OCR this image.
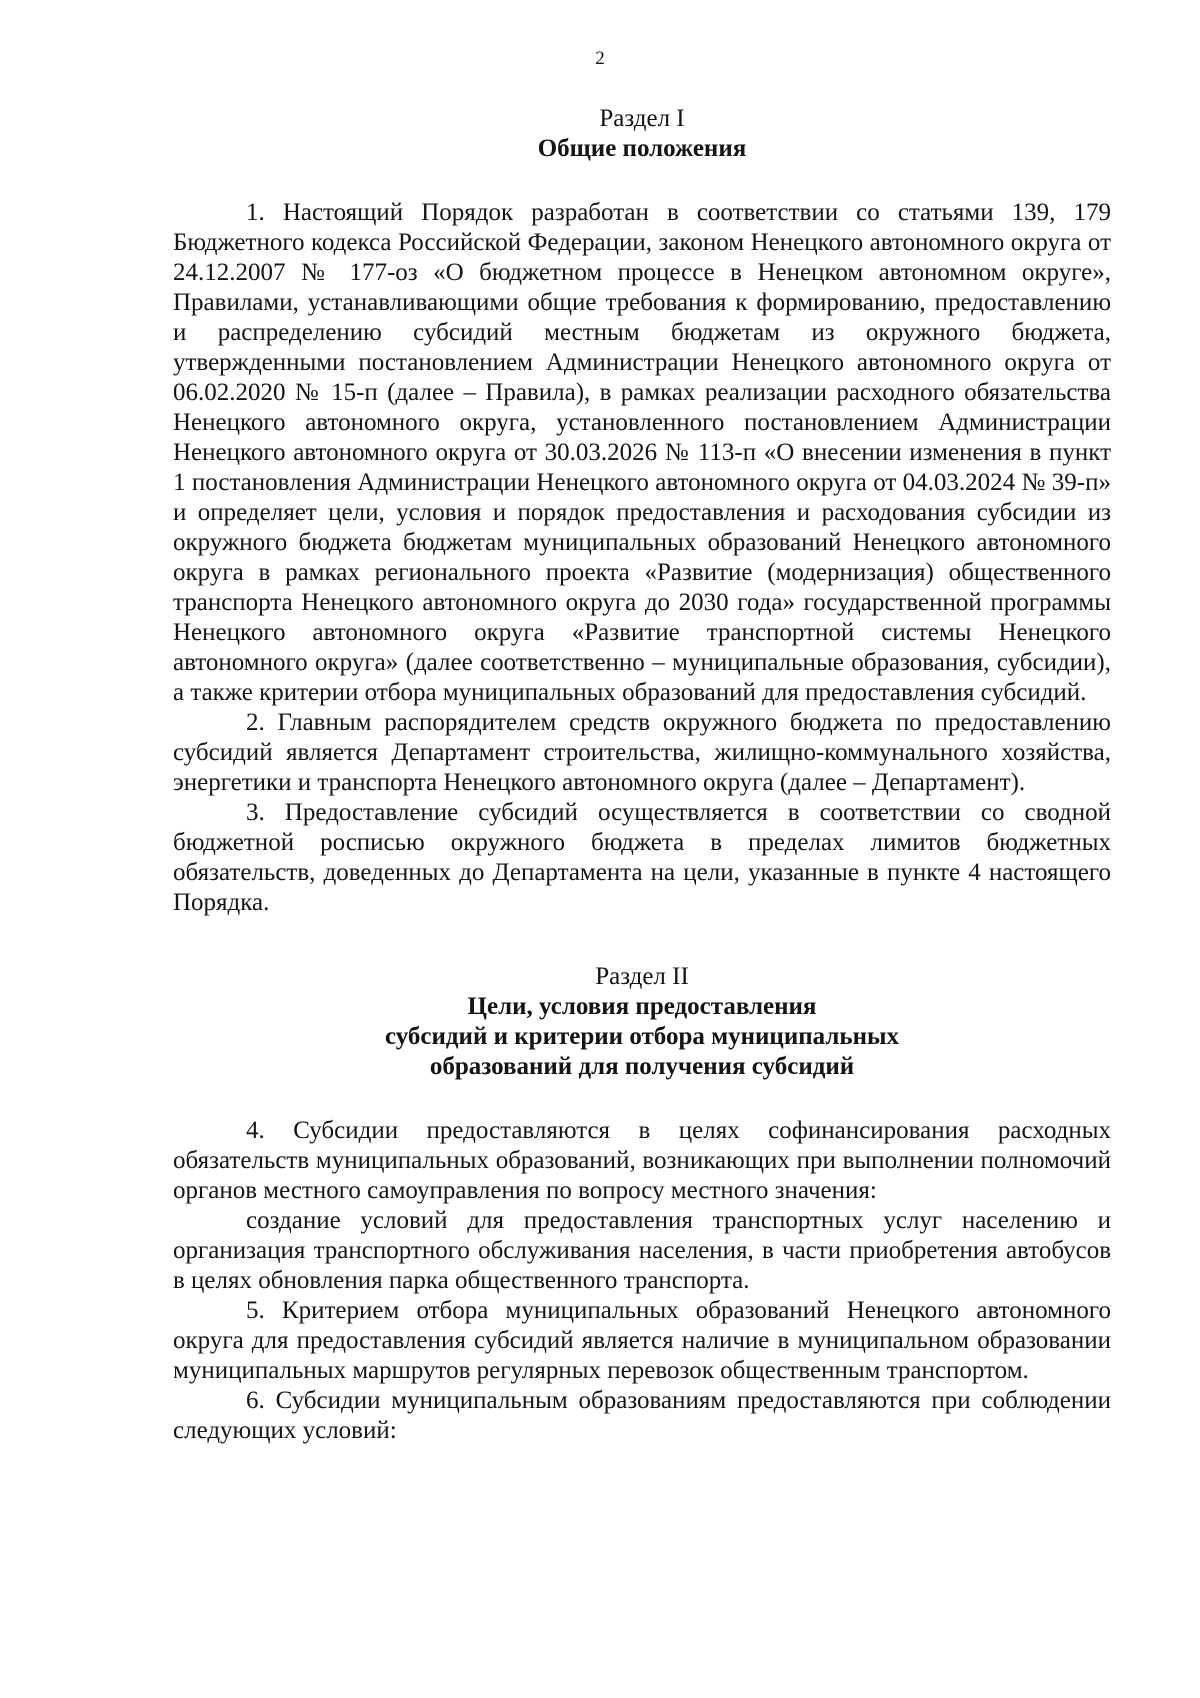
2

Раздел I

Общие положения

1. Настоящий Порядок разработан в соответствии со статьями 139, 179 Бюджетного кодекса Российской Федерации, законом Ненецкого автономного округа от 24.12.2007 № 177-оз «О бюджетном процессе в Ненецком автономном округе», Правилами, устанавливающими общие требования к формированию, предоставлению и распределению субсидий местным бюджетам из окружного бюджета, утвержденными постановлением Администрации Ненецкого автономного округа от 06.02.2020 № 15-п (далее – Правила), в рамках реализации расходного обязательства Ненецкого автономного округа, установленного постановлением Администрации Ненецкого автономного округа от 30.03.2026 № 113-п «О внесении изменения в пункт 1 постановления Администрации Ненецкого автономного округа от 04.03.2024 № 39-п» и определяет цели, условия и порядок предоставления и расходования субсидии из окружного бюджета бюджетам муниципальных образований Ненецкого автономного округа в рамках регионального проекта «Развитие (модернизация) общественного транспорта Ненецкого автономного округа до 2030 года» государственной программы Ненецкого автономного округа «Развитие транспортной системы Ненецкого автономного округа» (далее соответственно – муниципальные образования, субсидии), а также критерии отбора муниципальных образований для предоставления субсидий.

2. Главным распорядителем средств окружного бюджета по предоставлению субсидий является Департамент строительства, жилищно-коммунального хозяйства, энергетики и транспорта Ненецкого автономного округа (далее – Департамент).

3. Предоставление субсидий осуществляется в соответствии со сводной бюджетной росписью окружного бюджета в пределах лимитов бюджетных обязательств, доведенных до Департамента на цели, указанные в пункте 4 настоящего Порядка.

Раздел II

Цели, условия предоставления

субсидий и критерии отбора муниципальных

образований для получения субсидий

4. Субсидии предоставляются в целях софинансирования расходных обязательств муниципальных образований, возникающих при выполнении полномочий органов местного самоуправления по вопросу местного значения:

создание условий для предоставления транспортных услуг населению и организация транспортного обслуживания населения, в части приобретения автобусов в целях обновления парка общественного транспорта.

5. Критерием отбора муниципальных образований Ненецкого автономного округа для предоставления субсидий является наличие в муниципальном образовании муниципальных маршрутов регулярных перевозок общественным транспортом.

6. Субсидии муниципальным образованиям предоставляются при соблюдении следующих условий:
